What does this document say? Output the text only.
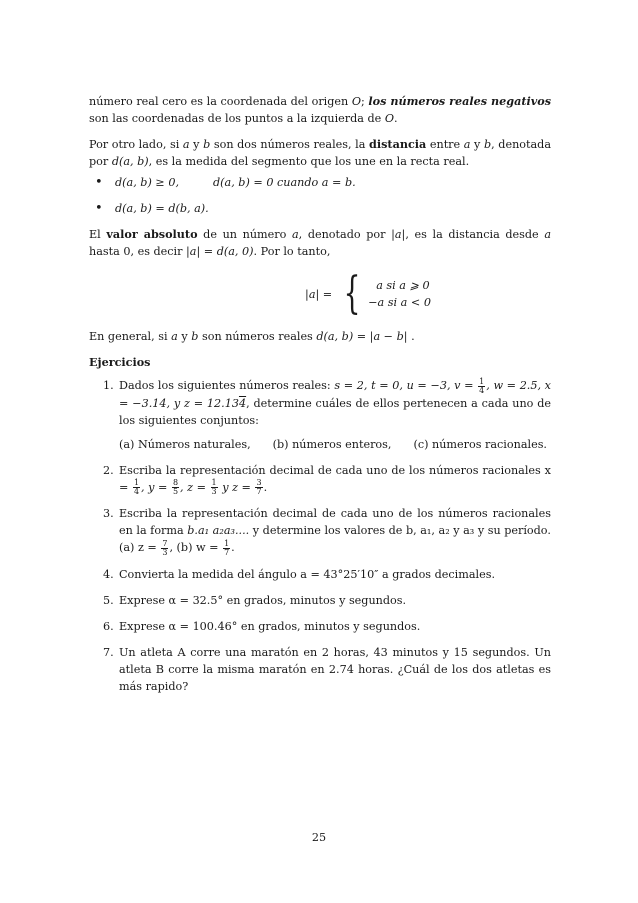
número real cero es la coordenada del origen O; los números reales negativos son las coordenadas de los puntos a la izquierda de O.

Por otro lado, si a y b son dos números reales, la distancia entre a y b, denotada por d(a, b), es la medida del segmento que los une en la recta real.

• d(a, b) ≥ 0,	d(a, b) = 0 cuando a = b.
• d(a, b) = d(b, a).

El valor absoluto de un número a, denotado por |a|, es la distancia desde a hasta 0, es decir |a| = d(a, 0). Por lo tanto,

|a| = {	a si a ⩾ 0
−a si a < 0

En general, si a y b son números reales d(a, b) = |a − b| .

Ejercicios
1. Dados los siguientes números reales: s = 2, t = 0, u = −3, $v = \frac{1}{4}$ , w = 2.5, x = −3.14, y z = 12.134, determine cuáles de ellos pertenecen a cada uno de los siguientes conjuntos:
(a) Números naturales, (b) números enteros, (c) números racionales.
2. Escriba la representación decimal de cada uno de los números racionales $x = \frac{1}{4}$ , $y = \frac{8}{5}$ , $z = \frac{1}{3}$ y $z = \frac{3}{7}$ .
3. Escriba la representación decimal de cada uno de los números racionales en la forma b.a₁ a₂a₃.... y determine los valores de b, a₁, a₂ y a₃ y su período.
(a) $z = \frac{7}{3}$ , (b) $w = \frac{1}{7}$ .
4. Convierta la medida del ángulo a = 43°25′10″ a grados decimales.
5. Exprese α = 32.5° en grados, minutos y segundos.
6. Exprese α = 100.46° en grados, minutos y segundos.
7. Un atleta A corre una maratón en 2 horas, 43 minutos y 15 segundos. Un atleta B corre la misma maratón en 2.74 horas. ¿Cuál de los dos atletas es más rapido?
25
